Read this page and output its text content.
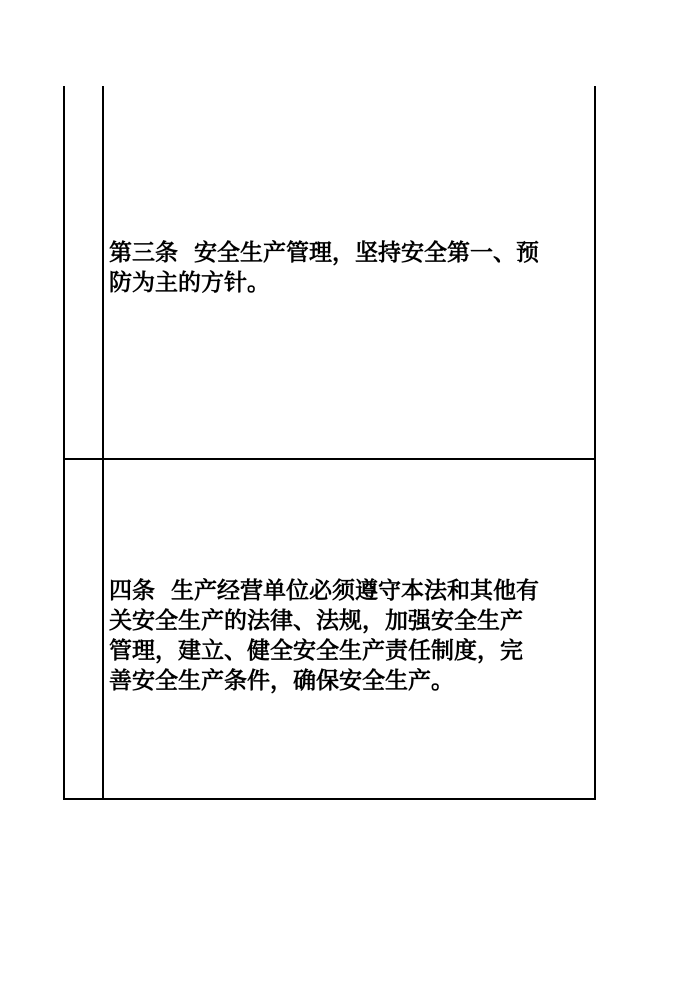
第三条  安全生产管理，坚持安全第一、预
防为主的方针。

四条  生产经营单位必须遵守本法和其他有
关安全生产的法律、法规，加强安全生产
管理，建立、健全安全生产责任制度，完
善安全生产条件，确保安全生产。
